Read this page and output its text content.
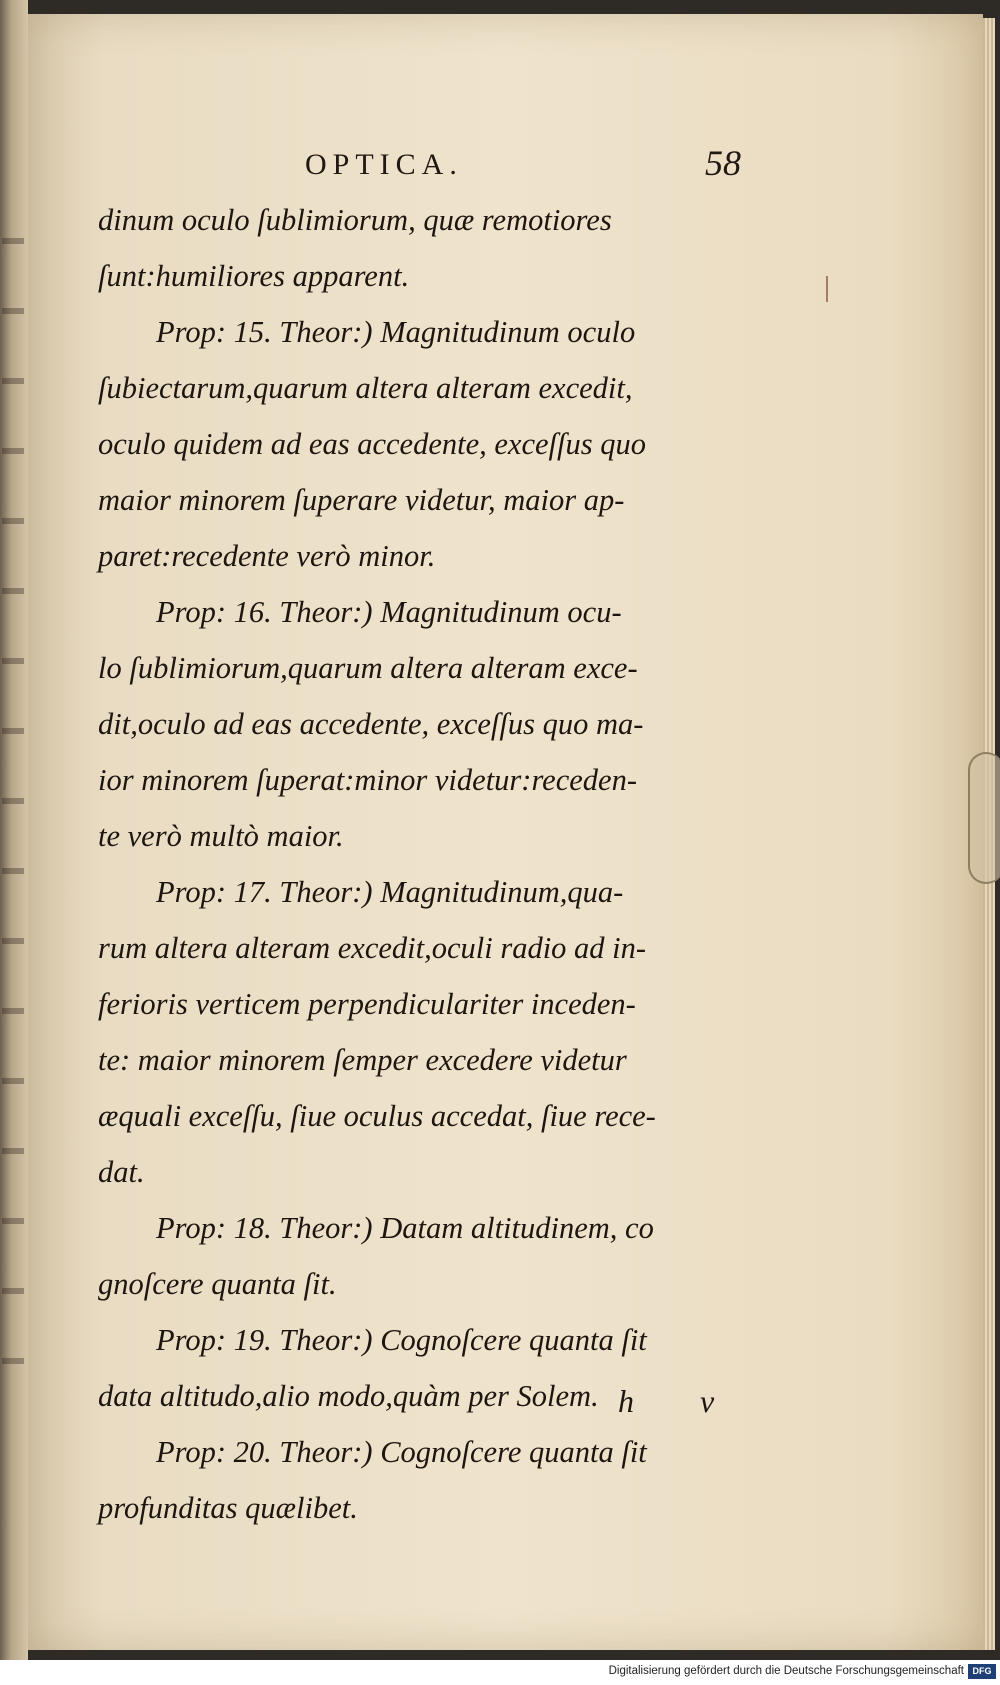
OPTICA.	58
dinum oculo ſublimiorum, quæ remotiores
ſunt:humiliores apparent.
Prop: 15. Theor:) Magnitudinum oculo
ſubiectarum,quarum altera alteram excedit,
oculo quidem ad eas accedente, exceſſus quo
maior minorem ſuperare videtur, maior ap-
paret:recedente verò minor.
Prop: 16. Theor:) Magnitudinum ocu-
lo ſublimiorum,quarum altera alteram exce-
dit,oculo ad eas accedente, exceſſus quo ma-
ior minorem ſuperat:minor videtur:receden-
te verò multò maior.
Prop: 17. Theor:) Magnitudinum,qua-
rum altera alteram excedit,oculi radio ad in-
ferioris verticem perpendiculariter inceden-
te: maior minorem ſemper excedere videtur
æquali exceſſu, ſiue oculus accedat, ſiue rece-
dat.
Prop: 18. Theor:) Datam altitudinem, co
gnoſcere quanta ſit.
Prop: 19. Theor:) Cognoſcere quanta ſit
data altitudo,alio modo,quàm per Solem.
Prop: 20. Theor:) Cognoſcere quanta ſit
profunditas quælibet.
h v
Digitalisierung gefördert durch die Deutsche Forschungsgemeinschaft DFG
